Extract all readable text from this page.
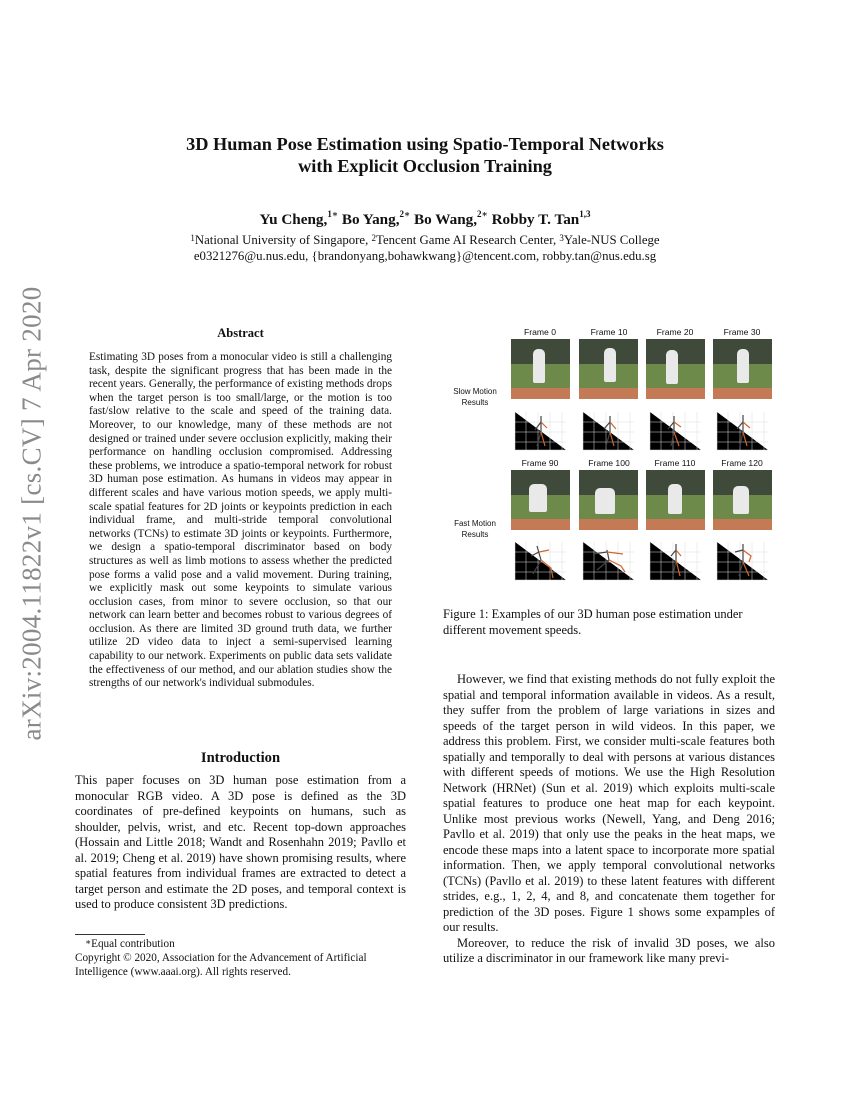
arXiv:2004.11822v1 [cs.CV] 7 Apr 2020
3D Human Pose Estimation using Spatio-Temporal Networks
with Explicit Occlusion Training
Yu Cheng,$^{1∗}$ Bo Yang,$^{2∗}$ Bo Wang,$^{2∗}$ Robby T. Tan$^{1,3}$
$^1$National University of Singapore, $^2$Tencent Game AI Research Center, $^3$Yale-NUS College
e0321276@u.nus.edu, {brandonyang,bohawkwang}@tencent.com, robby.tan@nus.edu.sg
Abstract

Estimating 3D poses from a monocular video is still a challenging task, despite the significant progress that has been made in the recent years. Generally, the performance of existing methods drops when the target person is too small/large, or the motion is too fast/slow relative to the scale and speed of the training data. Moreover, to our knowledge, many of these methods are not designed or trained under severe occlusion explicitly, making their performance on handling occlusion compromised. Addressing these problems, we introduce a spatio-temporal network for robust 3D human pose estimation. As humans in videos may appear in different scales and have various motion speeds, we apply multi-scale spatial features for 2D joints or keypoints prediction in each individual frame, and multi-stride temporal convolutional networks (TCNs) to estimate 3D joints or keypoints. Furthermore, we design a spatio-temporal discriminator based on body structures as well as limb motions to assess whether the predicted pose forms a valid pose and a valid movement. During training, we explicitly mask out some keypoints to simulate various occlusion cases, from minor to severe occlusion, so that our network can learn better and becomes robust to various degrees of occlusion. As there are limited 3D ground truth data, we further utilize 2D video data to inject a semi-supervised learning capability to our network. Experiments on public data sets validate the effectiveness of our method, and our ablation studies show the strengths of our network's individual submodules.

Introduction

This paper focuses on 3D human pose estimation from a monocular RGB video. A 3D pose is defined as the 3D coordinates of pre-defined keypoints on humans, such as shoulder, pelvis, wrist, and etc. Recent top-down approaches (Hossain and Little 2018; Wandt and Rosenhahn 2019; Pavllo et al. 2019; Cheng et al. 2019) have shown promising results, where spatial features from individual frames are extracted to detect a target person and estimate the 2D poses, and temporal context is used to produce consistent 3D predictions.

∗Equal contribution
Copyright © 2020, Association for the Advancement of Artificial Intelligence (www.aaai.org). All rights reserved.
Frame 0	Frame 10	Frame 20	Frame 30
Slow Motion
Results
Frame 90	Frame 100	Frame 110	Frame 120
Fast Motion
Results
Figure 1: Examples of our 3D human pose estimation under different movement speeds.

However, we find that existing methods do not fully exploit the spatial and temporal information available in videos. As a result, they suffer from the problem of large variations in sizes and speeds of the target person in wild videos. In this paper, we address this problem. First, we consider multi-scale features both spatially and temporally to deal with persons at various distances with different speeds of motions. We use the High Resolution Network (HRNet) (Sun et al. 2019) which exploits multi-scale spatial features to produce one heat map for each keypoint. Unlike most previous works (Newell, Yang, and Deng 2016; Pavllo et al. 2019) that only use the peaks in the heat maps, we encode these maps into a latent space to incorporate more spatial information. Then, we apply temporal convolutional networks (TCNs) (Pavllo et al. 2019) to these latent features with different strides, e.g., 1, 2, 4, and 8, and concatenate them together for prediction of the 3D poses. Figure 1 shows some expamples of our results.

Moreover, to reduce the risk of invalid 3D poses, we also utilize a discriminator in our framework like many previ-
